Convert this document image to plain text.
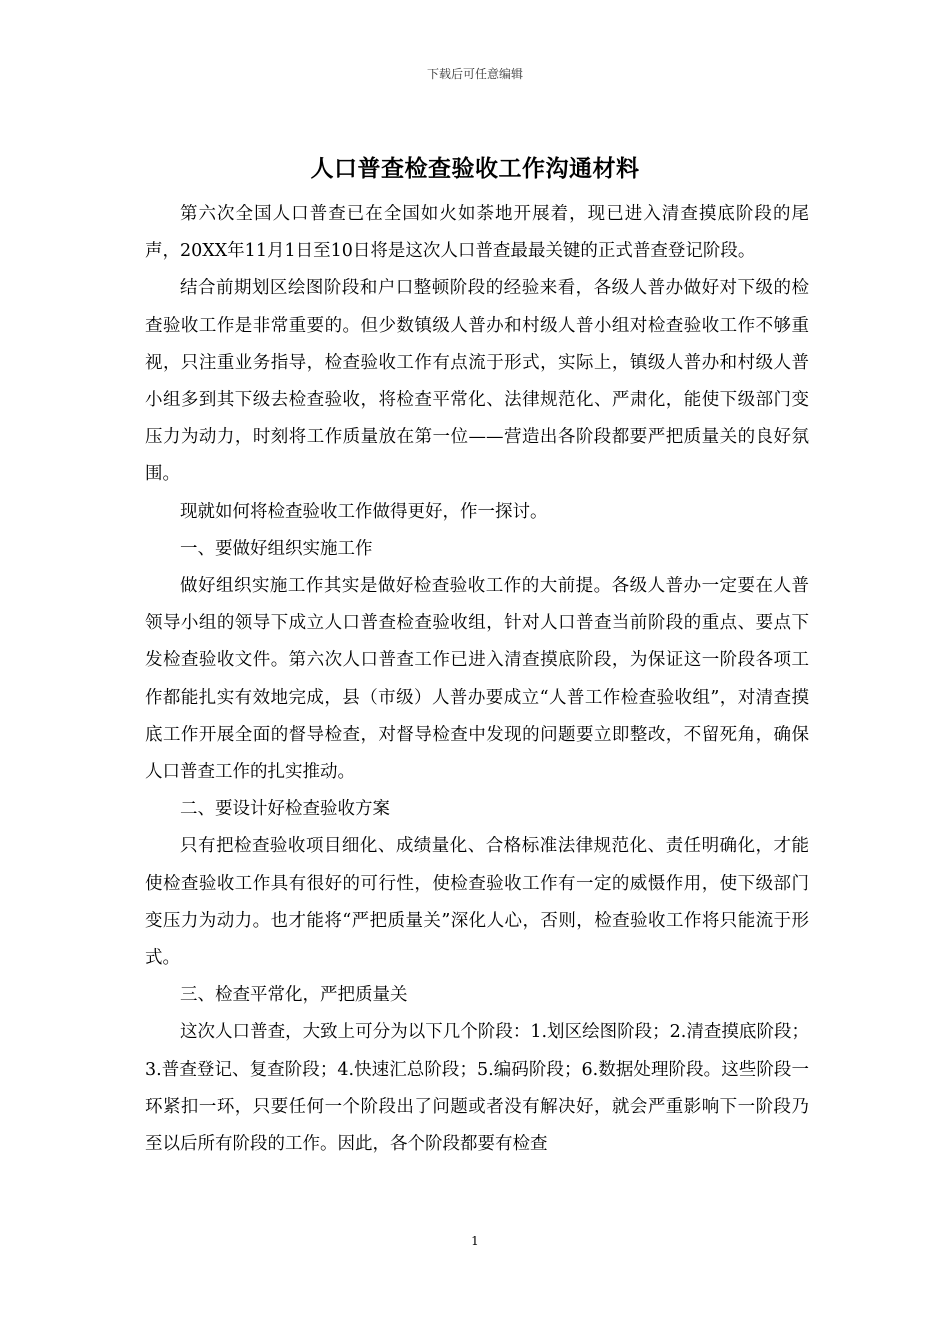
下载后可任意编辑
人口普查检查验收工作沟通材料

第六次全国人口普查已在全国如火如荼地开展着，现已进入清查摸底阶段的尾声，20XX年11月1日至10日将是这次人口普查最最关键的正式普查登记阶段。

结合前期划区绘图阶段和户口整顿阶段的经验来看，各级人普办做好对下级的检查验收工作是非常重要的。但少数镇级人普办和村级人普小组对检查验收工作不够重视，只注重业务指导，检查验收工作有点流于形式，实际上，镇级人普办和村级人普小组多到其下级去检查验收，将检查平常化、法律规范化、严肃化，能使下级部门变压力为动力，时刻将工作质量放在第一位——营造出各阶段都要严把质量关的良好氛围。

现就如何将检查验收工作做得更好，作一探讨。

一、要做好组织实施工作

做好组织实施工作其实是做好检查验收工作的大前提。各级人普办一定要在人普领导小组的领导下成立人口普查检查验收组，针对人口普查当前阶段的重点、要点下发检查验收文件。第六次人口普查工作已进入清查摸底阶段，为保证这一阶段各项工作都能扎实有效地完成，县（市级）人普办要成立“人普工作检查验收组”，对清查摸底工作开展全面的督导检查，对督导检查中发现的问题要立即整改，不留死角，确保人口普查工作的扎实推动。

二、要设计好检查验收方案

只有把检查验收项目细化、成绩量化、合格标准法律规范化、责任明确化，才能使检查验收工作具有很好的可行性，使检查验收工作有一定的威慑作用，使下级部门变压力为动力。也才能将“严把质量关”深化人心，否则，检查验收工作将只能流于形式。

三、检查平常化，严把质量关

这次人口普查，大致上可分为以下几个阶段：1.划区绘图阶段；2.清查摸底阶段；3.普查登记、复查阶段；4.快速汇总阶段；5.编码阶段；6.数据处理阶段。这些阶段一环紧扣一环，只要任何一个阶段出了问题或者没有解决好，就会严重影响下一阶段乃至以后所有阶段的工作。因此，各个阶段都要有检查

1
